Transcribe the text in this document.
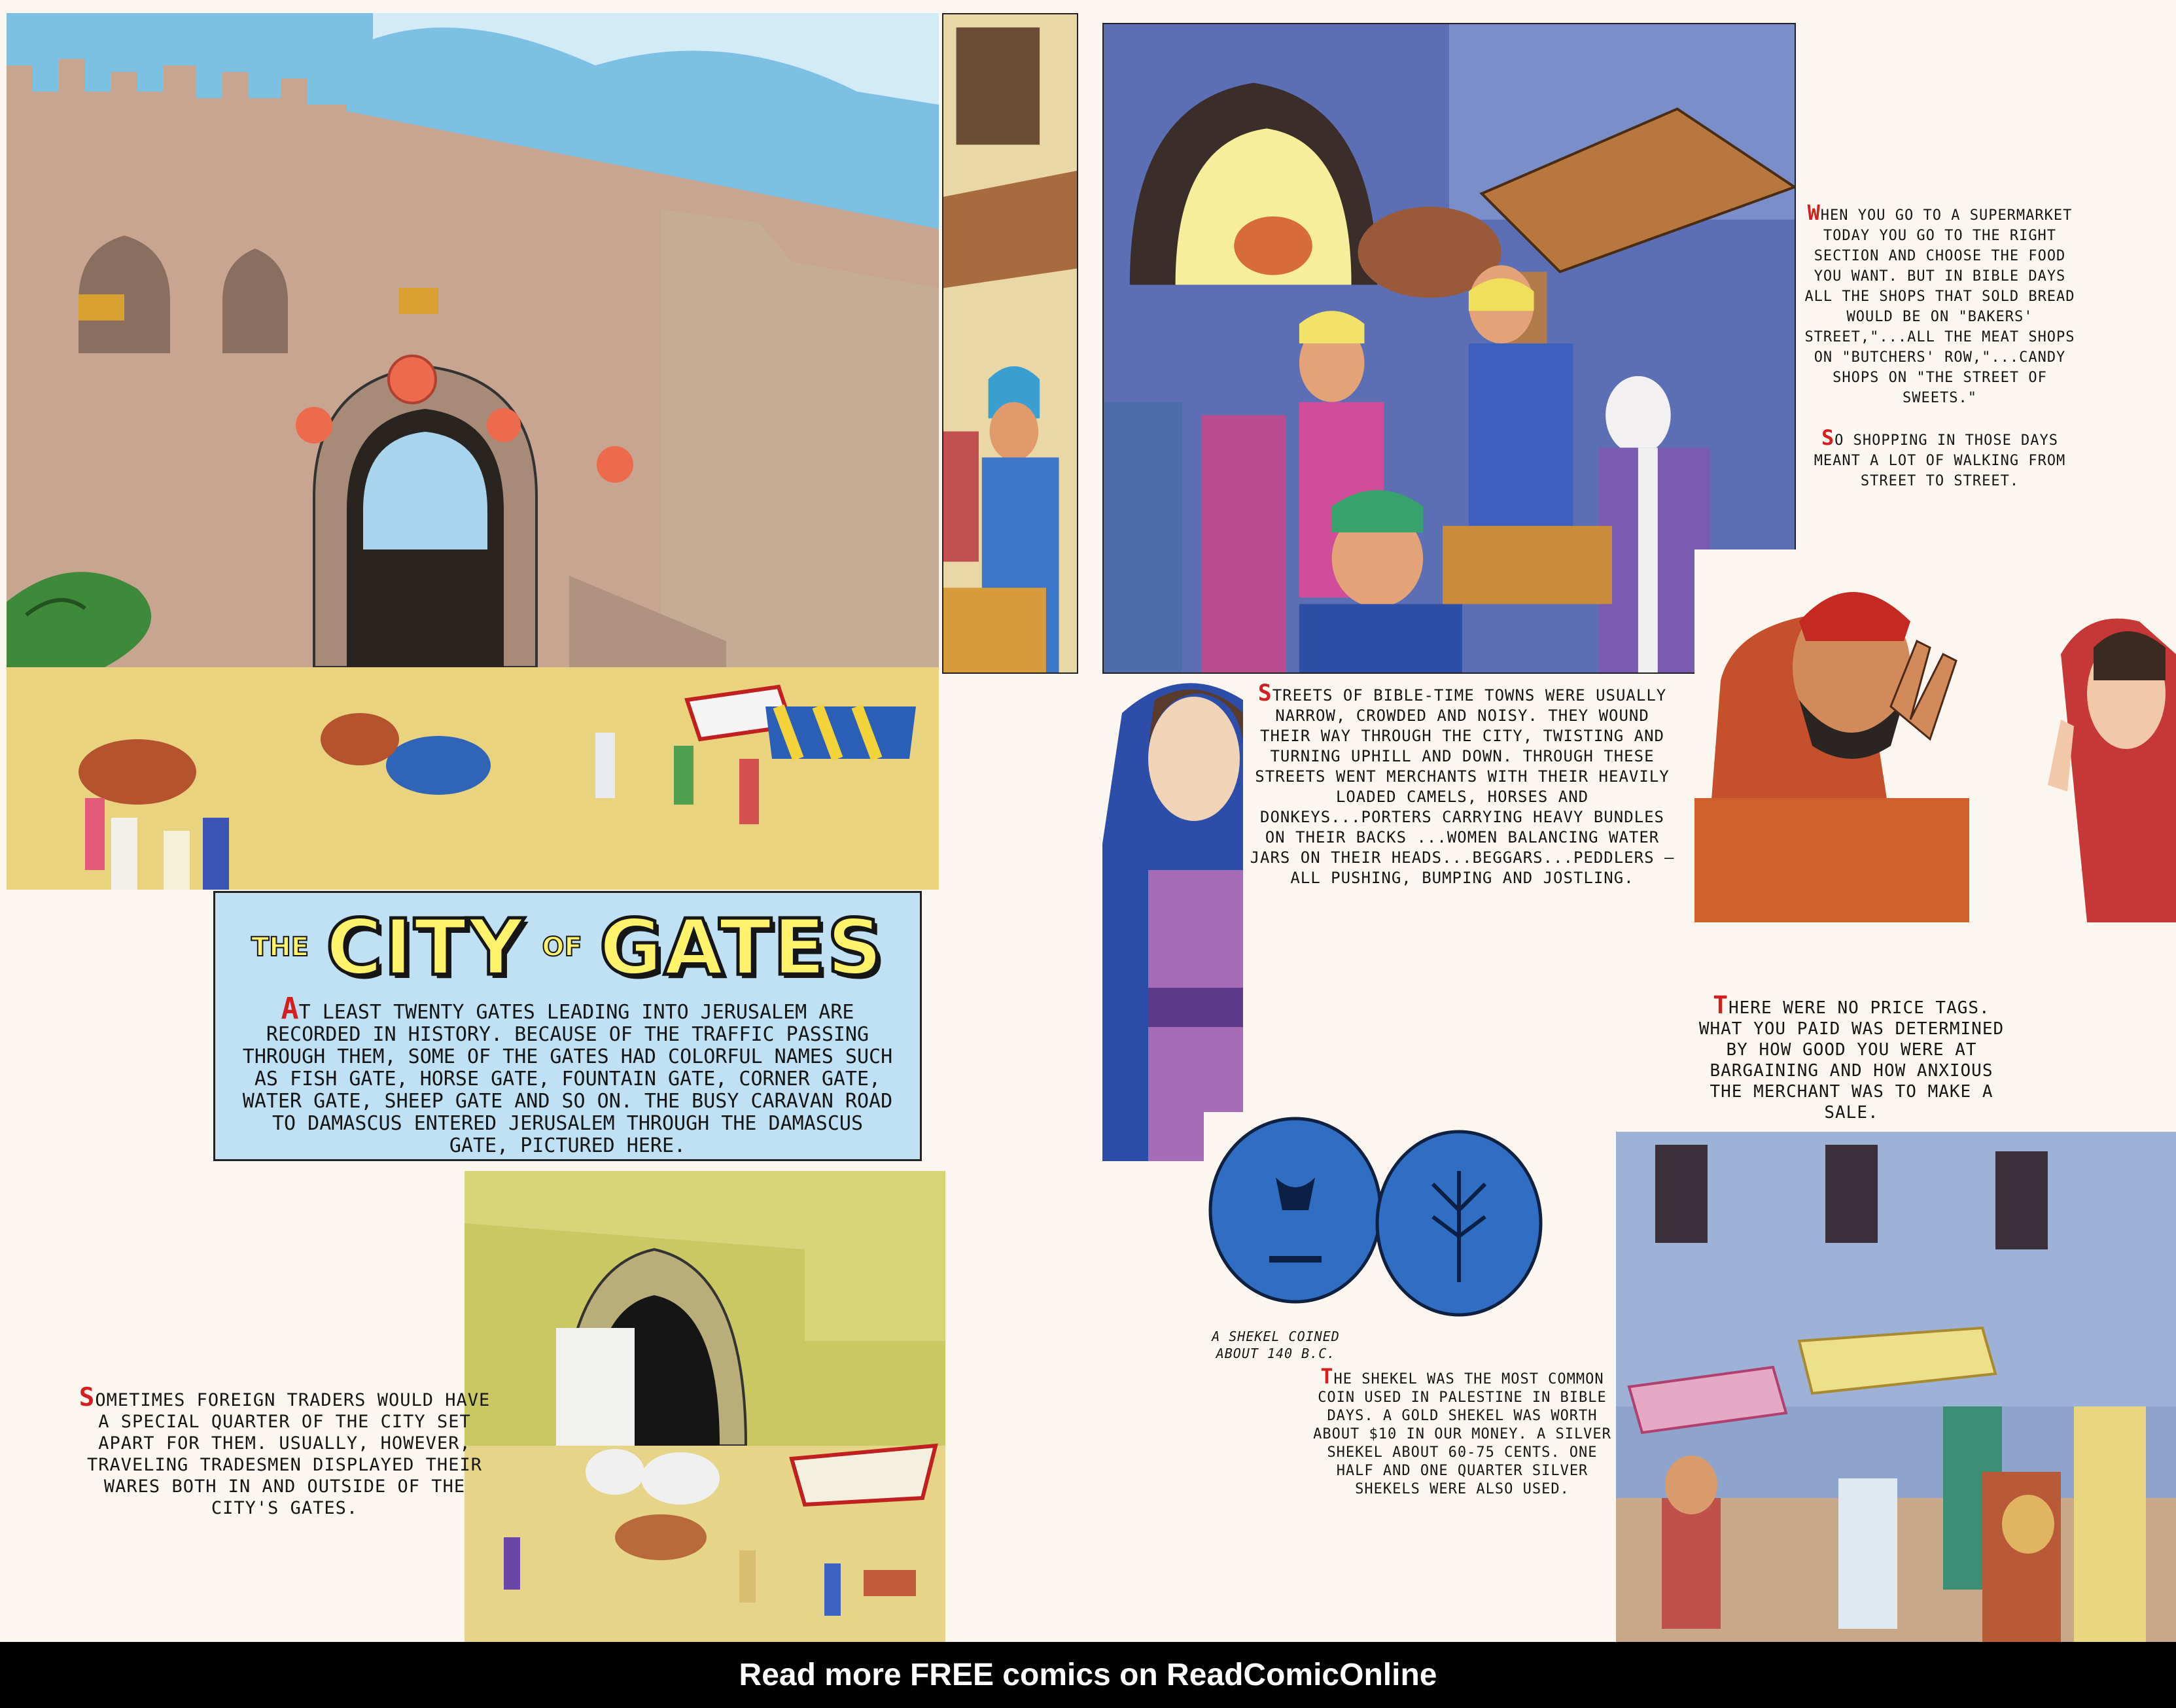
THE CITY OF GATES
AT LEAST TWENTY GATES LEADING INTO JERUSALEM ARE RECORDED IN HISTORY. BECAUSE OF THE TRAFFIC PASSING THROUGH THEM, SOME OF THE GATES HAD COLORFUL NAMES SUCH AS FISH GATE, HORSE GATE, FOUNTAIN GATE, CORNER GATE, WATER GATE, SHEEP GATE AND SO ON. THE BUSY CARAVAN ROAD TO DAMASCUS ENTERED JERUSALEM THROUGH THE DAMASCUS GATE, PICTURED HERE.
SOMETIMES FOREIGN TRADERS WOULD HAVE A SPECIAL QUARTER OF THE CITY SET APART FOR THEM. USUALLY, HOWEVER, TRAVELING TRADESMEN DISPLAYED THEIR WARES BOTH IN AND OUTSIDE OF THE CITY'S GATES.

WHEN YOU GO TO A SUPERMARKET TODAY YOU GO TO THE RIGHT SECTION AND CHOOSE THE FOOD YOU WANT. BUT IN BIBLE DAYS ALL THE SHOPS THAT SOLD BREAD WOULD BE ON "BAKERS' STREET,"...ALL THE MEAT SHOPS ON "BUTCHERS' ROW,"...CANDY SHOPS ON "THE STREET OF SWEETS."

SO SHOPPING IN THOSE DAYS MEANT A LOT OF WALKING FROM STREET TO STREET.

STREETS OF BIBLE-TIME TOWNS WERE USUALLY NARROW, CROWDED AND NOISY. THEY WOUND THEIR WAY THROUGH THE CITY, TWISTING AND TURNING UPHILL AND DOWN. THROUGH THESE STREETS WENT MERCHANTS WITH THEIR HEAVILY LOADED CAMELS, HORSES AND DONKEYS...PORTERS CARRYING HEAVY BUNDLES ON THEIR BACKS ...WOMEN BALANCING WATER JARS ON THEIR HEADS...BEGGARS...PEDDLERS — ALL PUSHING, BUMPING AND JOSTLING.
THERE WERE NO PRICE TAGS. WHAT YOU PAID WAS DETERMINED BY HOW GOOD YOU WERE AT BARGAINING AND HOW ANXIOUS THE MERCHANT WAS TO MAKE A SALE.
A SHEKEL COINED ABOUT 140 B.C.
THE SHEKEL WAS THE MOST COMMON COIN USED IN PALESTINE IN BIBLE DAYS. A GOLD SHEKEL WAS WORTH ABOUT $10 IN OUR MONEY. A SILVER SHEKEL ABOUT 60-75 CENTS. ONE HALF AND ONE QUARTER SILVER SHEKELS WERE ALSO USED.
Read more FREE comics on ReadComicOnline
